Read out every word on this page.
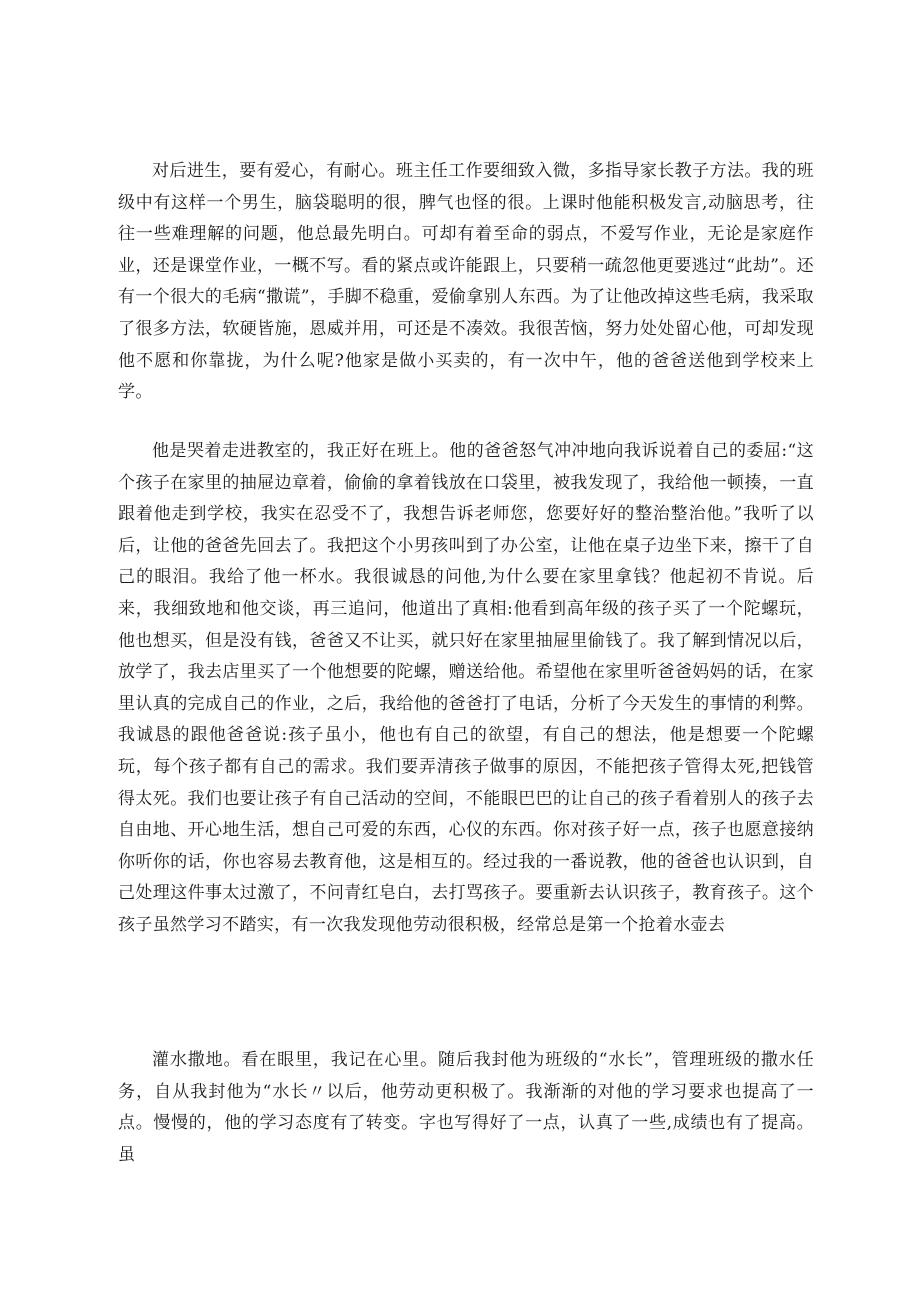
对后进生，要有爱心，有耐心。班主任工作要细致入微，多指导家长教子方法。我的班级中有这样一个男生，脑袋聪明的很，脾气也怪的很。上课时他能积极发言,动脑思考，往往一些难理解的问题，他总最先明白。可却有着至命的弱点，不爱写作业，无论是家庭作业，还是课堂作业，一概不写。看的紧点或许能跟上，只要稍一疏忽他更要逃过“此劫”。还有一个很大的毛病“撒谎”，手脚不稳重，爱偷拿别人东西。为了让他改掉这些毛病，我采取了很多方法，软硬皆施，恩威并用，可还是不凑效。我很苦恼，努力处处留心他，可却发现他不愿和你靠拢，为什么呢?他家是做小买卖的，有一次中午，他的爸爸送他到学校来上学。

他是哭着走进教室的，我正好在班上。他的爸爸怒气冲冲地向我诉说着自己的委屈:“这个孩子在家里的抽屉边章着，偷偷的拿着钱放在口袋里，被我发现了，我给他一顿揍，一直跟着他走到学校，我实在忍受不了，我想告诉老师您，您要好好的整治整治他。”我听了以后，让他的爸爸先回去了。我把这个小男孩叫到了办公室，让他在桌子边坐下来，擦干了自己的眼泪。我给了他一杯水。我很诚恳的问他,为什么要在家里拿钱？他起初不肯说。后来，我细致地和他交谈，再三追问，他道出了真相:他看到高年级的孩子买了一个陀螺玩，他也想买，但是没有钱，爸爸又不让买，就只好在家里抽屉里偷钱了。我了解到情况以后，放学了，我去店里买了一个他想要的陀螺，赠送给他。希望他在家里听爸爸妈妈的话，在家里认真的完成自己的作业，之后，我给他的爸爸打了电话，分析了今天发生的事情的利弊。我诚恳的跟他爸爸说:孩子虽小，他也有自己的欲望，有自己的想法，他是想要一个陀螺玩，每个孩子都有自己的需求。我们要弄清孩子做事的原因，不能把孩子管得太死,把钱管得太死。我们也要让孩子有自己活动的空间，不能眼巴巴的让自己的孩子看着别人的孩子去自由地、开心地生活，想自己可爱的东西，心仪的东西。你对孩子好一点，孩子也愿意接纳你听你的话，你也容易去教育他，这是相互的。经过我的一番说教，他的爸爸也认识到，自己处理这件事太过激了，不问青红皂白，去打骂孩子。要重新去认识孩子，教育孩子。这个孩子虽然学习不踏实，有一次我发现他劳动很积极，经常总是第一个抢着水壶去

灌水撒地。看在眼里，我记在心里。随后我封他为班级的“水长”，管理班级的撒水任务，自从我封他为“水长〃以后，他劳动更积极了。我渐渐的对他的学习要求也提高了一点。慢慢的，他的学习态度有了转变。字也写得好了一点，认真了一些,成绩也有了提高。虽
